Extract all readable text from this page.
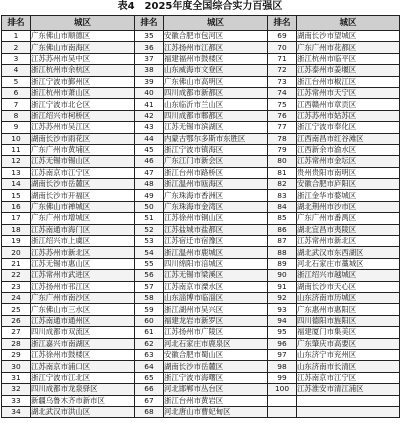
表4　2025年度全国综合实力百强区
排名	城区	排名	城区	排名	城区
1	广东佛山市顺德区	35	安徽合肥市包河区	69	湖南长沙市望城区
2	广东佛山市南海区	36	江苏扬州市江都区	70	广东广州市花都区
3	江苏苏州市吴中区	37	福建福州市鼓楼区	71	浙江杭州市临平区
4	浙江杭州市余杭区	38	山东威海市文登区	72	江苏泰州市姜堰区
5	浙江宁波市鄞州区	39	广东佛山市高明区	73	浙江台州市椒江区
6	浙江杭州市萧山区	40	四川成都市新都区	74	江苏常州市天宁区
7	浙江宁波市北仑区	41	山东临沂市兰山区	75	江西赣州市章贡区
8	浙江绍兴市柯桥区	42	四川成都市郫都区	76	江苏苏州市姑苏区
9	江苏苏州市吴江区	43	江苏无锡市滨湖区	77	浙江宁波市奉化区
10	湖南长沙市雨花区	44	内蒙古鄂尔多斯市东胜区	78	江西南昌市红谷滩区
11	广东广州市黄埔区	45	浙江宁波市镇海区	79	江西新余市渝水区
12	江苏无锡市锡山区	46	广东江门市新会区	80	江苏常州市金坛区
13	江苏南京市江宁区	47	浙江台州市路桥区	81	贵州贵阳市南明区
14	湖南长沙市岳麓区	48	浙江温州市瓯海区	82	安徽合肥市庐阳区
15	湖南长沙市开福区	49	广东珠海市香洲区	83	浙江金华市婺城区
16	广东佛山市禅城区	50	广东珠海市金湾区	84	湖北荆州市沙市区
17	广东广州市增城区	51	江苏徐州市铜山区	85	广东广州市番禺区
18	江苏南通市海门区	52	江苏盐城市盐都区	86	湖北宜昌市夷陵区
19	浙江绍兴市上虞区	53	江苏宿迁市宿豫区	87	江苏常州市新北区
20	江苏苏州市新北区	54	浙江温州市鹿城区	88	湖北武汉市东西湖区
21	江苏无锡市惠山区	55	四川绵阳市涪城区	89	河北石家庄市藁城区
22	江苏常州市武进区	56	江苏无锡市梁溪区	90	浙江绍兴市越城区
23	江苏扬州市邗江区	57	江苏南京市溧水区	91	湖南长沙市天心区
24	广东广州市南沙区	58	山东淄博市临淄区	92	山东济南市历城区
25	广东佛山市三水区	59	浙江湖州市吴兴区	93	广东惠州市惠阳区
26	江苏南通市通州区	60	福建龙岩市新罗区	94	四川德阳市旌阳区
27	四川成都市双流区	61	江苏扬州市广陵区	95	福建厦门市集美区
28	浙江嘉兴市南湖区	62	河北石家庄市鹿泉区	96	广东肇庆市高要区
29	江苏徐州市鼓楼区	63	安徽合肥市蜀山区	97	山东济宁市兖州区
30	江苏南京市浦口区	64	湖南长沙市岳麓区	98	山东济南市长清区
31	浙江宁波市江北区	65	浙江宁波市海曙区	99	江苏南京市江宁区
32	四川成都市龙泉驿区	66	河北邯郸市丛台区	100	江苏淮安市清江浦区
33	新疆乌鲁木齐市新市区	67	浙江台州市黄岩区		
34	湖北武汉市洪山区	68	河北唐山市曹妃甸区		
